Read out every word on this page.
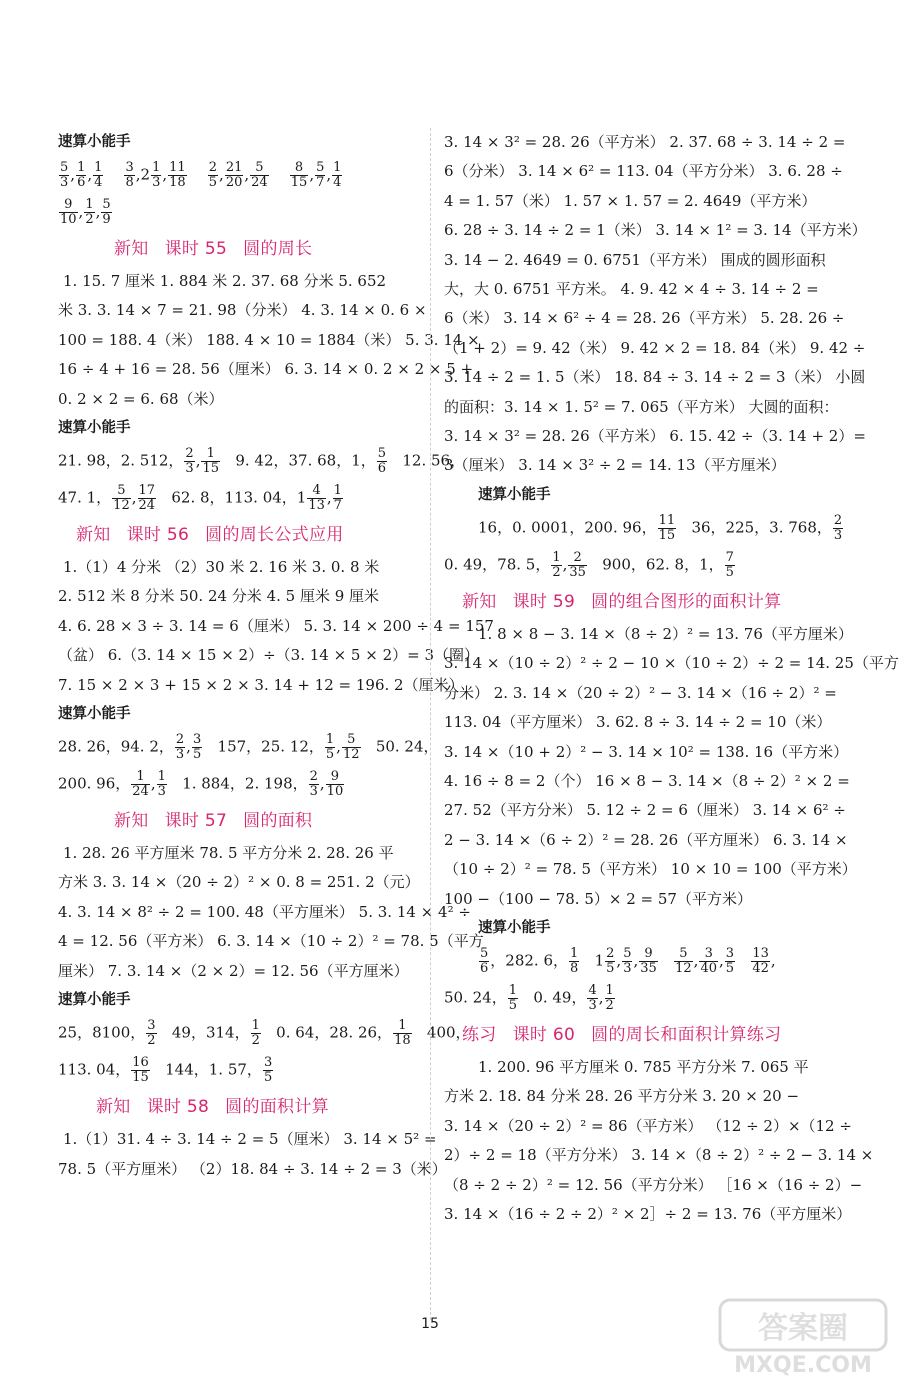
速算小能手
$\frac{5}{3}$ , $\frac{1}{6}$ , $\frac{1}{4}$
$\frac{3}{8} ,2 \frac{1}{3}$ , $\frac{11}{18}$
$\frac{2}{5}$ , $\frac{21}{20}$ , $\frac{5}{24}$
$\frac{8}{15}$ , $\frac{5}{7}$ , $\frac{1}{4}$
$\frac{9}{10}$ , $\frac{1}{2}$ , $\frac{5}{9}$
新知 课时 55 圆的周长
1. 15. 7 厘米 1. 884 米 2. 37. 68 分米 5. 652
米 3. 3. 14 × 7 = 21. 98（分米） 4. 3. 14 × 0. 6 ×
100 = 188. 4（米） 188. 4 × 10 = 1884（米） 5. 3. 14 ×
16 ÷ 4 + 16 = 28. 56（厘米） 6. 3. 14 × 0. 2 × 2 × 5 +
0. 2 × 2 = 6. 68（米）
速算小能手
21. 98，2. 512， $\frac{2}{3}$ , $\frac{1}{15} 9$. 42，37. 68，1， $\frac{5}{6} 12$. 56，
47. 1， $\frac{5}{12}$ , $\frac{17}{24} 62$. 8，113. 04，$1 \frac{4}{13}$ , $\frac{1}{7}$
新知 课时 56 圆的周长公式应用
1.（1）4 分米 （2）30 米 2. 16 米 3. 0. 8 米
2. 512 米 8 分米 50. 24 分米 4. 5 厘米 9 厘米
4. 6. 28 × 3 ÷ 3. 14 = 6（厘米） 5. 3. 14 × 200 ÷ 4 = 157
（盆） 6.（3. 14 × 15 × 2）÷（3. 14 × 5 × 2）= 3（圈）
7. 15 × 2 × 3 + 15 × 2 × 3. 14 + 12 = 196. 2（厘米）
速算小能手
28. 26，94. 2， $\frac{2}{3}$ , $\frac{3}{5} 157$，25. 12， $\frac{1}{5}$ , $\frac{5}{12} 50$. 24，
200. 96， $\frac{1}{24}$ , $\frac{1}{3} 1$. 884，2. 198， $\frac{2}{3}$ , $\frac{9}{10}$
新知 课时 57 圆的面积
1. 28. 26 平方厘米 78. 5 平方分米 2. 28. 26 平
方米 3. 3. 14 ×（20 ÷ 2）² × 0. 8 = 251. 2（元）
4. 3. 14 × 8² ÷ 2 = 100. 48（平方厘米） 5. 3. 14 × 4² ÷
4 = 12. 56（平方米） 6. 3. 14 ×（10 ÷ 2）² = 78. 5（平方
厘米） 7. 3. 14 ×（2 × 2）= 12. 56（平方厘米）
速算小能手
25，8100， $\frac{3}{2} 49$，314， $\frac{1}{2} 0$. 64，28. 26， $\frac{1}{18} 400$，
113. 04， $\frac{16}{15} 144$，1. 57， $\frac{3}{5}$
新知 课时 58 圆的面积计算
1.（1）31. 4 ÷ 3. 14 ÷ 2 = 5（厘米） 3. 14 × 5² =
78. 5（平方厘米） （2）18. 84 ÷ 3. 14 ÷ 2 = 3（米）
3. 14 × 3² = 28. 26（平方米） 2. 37. 68 ÷ 3. 14 ÷ 2 =
6（分米） 3. 14 × 6² = 113. 04（平方分米） 3. 6. 28 ÷
4 = 1. 57（米） 1. 57 × 1. 57 = 2. 4649（平方米）
6. 28 ÷ 3. 14 ÷ 2 = 1（米） 3. 14 × 1² = 3. 14（平方米）
3. 14 − 2. 4649 = 0. 6751（平方米） 围成的圆形面积
大，大 0. 6751 平方米。 4. 9. 42 × 4 ÷ 3. 14 ÷ 2 =
6（米） 3. 14 × 6² ÷ 4 = 28. 26（平方米） 5. 28. 26 ÷
（1 + 2）= 9. 42（米） 9. 42 × 2 = 18. 84（米） 9. 42 ÷
3. 14 ÷ 2 = 1. 5（米） 18. 84 ÷ 3. 14 ÷ 2 = 3（米） 小圆
的面积：3. 14 × 1. 5² = 7. 065（平方米） 大圆的面积：
3. 14 × 3² = 28. 26（平方米） 6. 15. 42 ÷（3. 14 + 2）=
3（厘米） 3. 14 × 3² ÷ 2 = 14. 13（平方厘米）
速算小能手
16，0. 0001，200. 96， $\frac{11}{15} 36$，225，3. 768， $\frac{2}{3}$
0. 49，78. 5， $\frac{1}{2}$ , $\frac{2}{35} 900$，62. 8，1， $\frac{7}{5}$
新知 课时 59 圆的组合图形的面积计算
1. 8 × 8 − 3. 14 ×（8 ÷ 2）² = 13. 76（平方厘米）
3. 14 ×（10 ÷ 2）² ÷ 2 − 10 ×（10 ÷ 2）÷ 2 = 14. 25（平方
分米） 2. 3. 14 ×（20 ÷ 2）² − 3. 14 ×（16 ÷ 2）² =
113. 04（平方厘米） 3. 62. 8 ÷ 3. 14 ÷ 2 = 10（米）
3. 14 ×（10 + 2）² − 3. 14 × 10² = 138. 16（平方米）
4. 16 ÷ 8 = 2（个） 16 × 8 − 3. 14 ×（8 ÷ 2）² × 2 =
27. 52（平方分米） 5. 12 ÷ 2 = 6（厘米） 3. 14 × 6² ÷
2 − 3. 14 ×（6 ÷ 2）² = 28. 26（平方厘米） 6. 3. 14 ×
（10 ÷ 2）² = 78. 5（平方米） 10 × 10 = 100（平方米）
100 −（100 − 78. 5）× 2 = 57（平方米）
速算小能手
$\frac{5}{6}$ ，282. 6， $\frac{1}{8} 1 \frac{2}{5}$ , $\frac{5}{3}$ , $\frac{9}{35}$
$\frac{5}{12}$ , $\frac{3}{40}$ , $\frac{3}{5}$
$\frac{13}{42}$ ,
50. 24， $\frac{1}{5} 0$. 49， $\frac{4}{3}$ , $\frac{1}{2}$
练习 课时 60 圆的周长和面积计算练习
1. 200. 96 平方厘米 0. 785 平方分米 7. 065 平
方米 2. 18. 84 分米 28. 26 平方分米 3. 20 × 20 −
3. 14 ×（20 ÷ 2）² = 86（平方米） （12 ÷ 2）×（12 ÷
2）÷ 2 = 18（平方分米） 3. 14 ×（8 ÷ 2）² ÷ 2 − 3. 14 ×
（8 ÷ 2 ÷ 2）² = 12. 56（平方分米） ［16 ×（16 ÷ 2）−
3. 14 ×（16 ÷ 2 ÷ 2）² × 2］÷ 2 = 13. 76（平方厘米）
15	答案圈
MXQE.COM
